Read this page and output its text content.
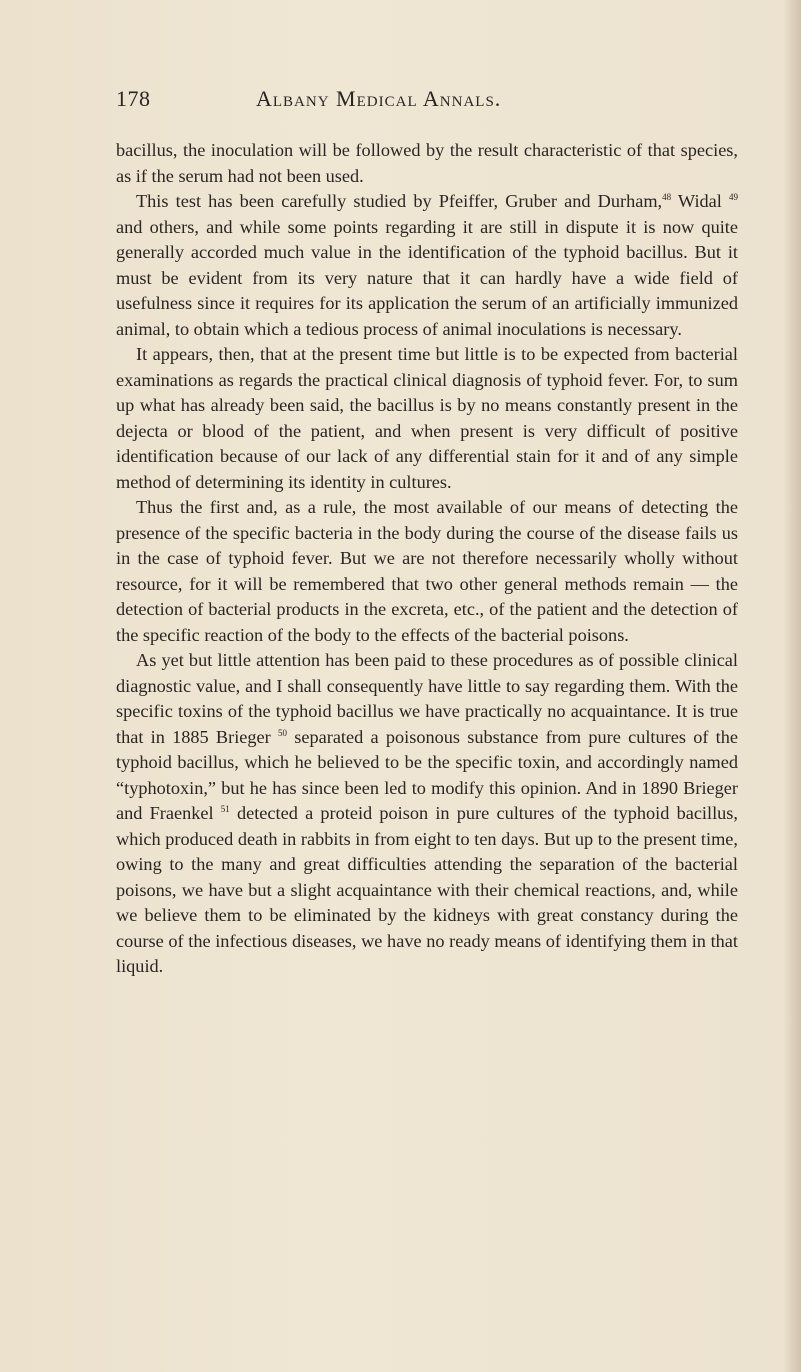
178	Albany Medical Annals.

bacillus, the inoculation will be followed by the result characteristic of that species, as if the serum had not been used.

This test has been carefully studied by Pfeiffer, Gruber and Durham,$^{48}$ Widal $^{49}$ and others, and while some points regarding it are still in dispute it is now quite generally accorded much value in the identification of the typhoid bacillus. But it must be evident from its very nature that it can hardly have a wide field of usefulness since it requires for its application the serum of an artificially immunized animal, to obtain which a tedious process of animal inoculations is necessary.

It appears, then, that at the present time but little is to be expected from bacterial examinations as regards the practical clinical diagnosis of typhoid fever. For, to sum up what has already been said, the bacillus is by no means constantly present in the dejecta or blood of the patient, and when present is very difficult of positive identification because of our lack of any differential stain for it and of any simple method of determining its identity in cultures.

Thus the first and, as a rule, the most available of our means of detecting the presence of the specific bacteria in the body during the course of the disease fails us in the case of typhoid fever. But we are not therefore necessarily wholly without resource, for it will be remembered that two other general methods remain — the detection of bacterial products in the excreta, etc., of the patient and the detection of the specific reaction of the body to the effects of the bacterial poisons.

As yet but little attention has been paid to these procedures as of possible clinical diagnostic value, and I shall consequently have little to say regarding them. With the specific toxins of the typhoid bacillus we have practically no acquaintance. It is true that in 1885 Brieger $^{50}$ separated a poisonous substance from pure cultures of the typhoid bacillus, which he believed to be the specific toxin, and accordingly named “typhotoxin,” but he has since been led to modify this opinion. And in 1890 Brieger and Fraenkel $^{51}$ detected a proteid poison in pure cultures of the typhoid bacillus, which produced death in rabbits in from eight to ten days. But up to the present time, owing to the many and great difficulties attending the separation of the bacterial poisons, we have but a slight acquaintance with their chemical reactions, and, while we believe them to be eliminated by the kidneys with great constancy during the course of the infectious diseases, we have no ready means of identifying them in that liquid.
